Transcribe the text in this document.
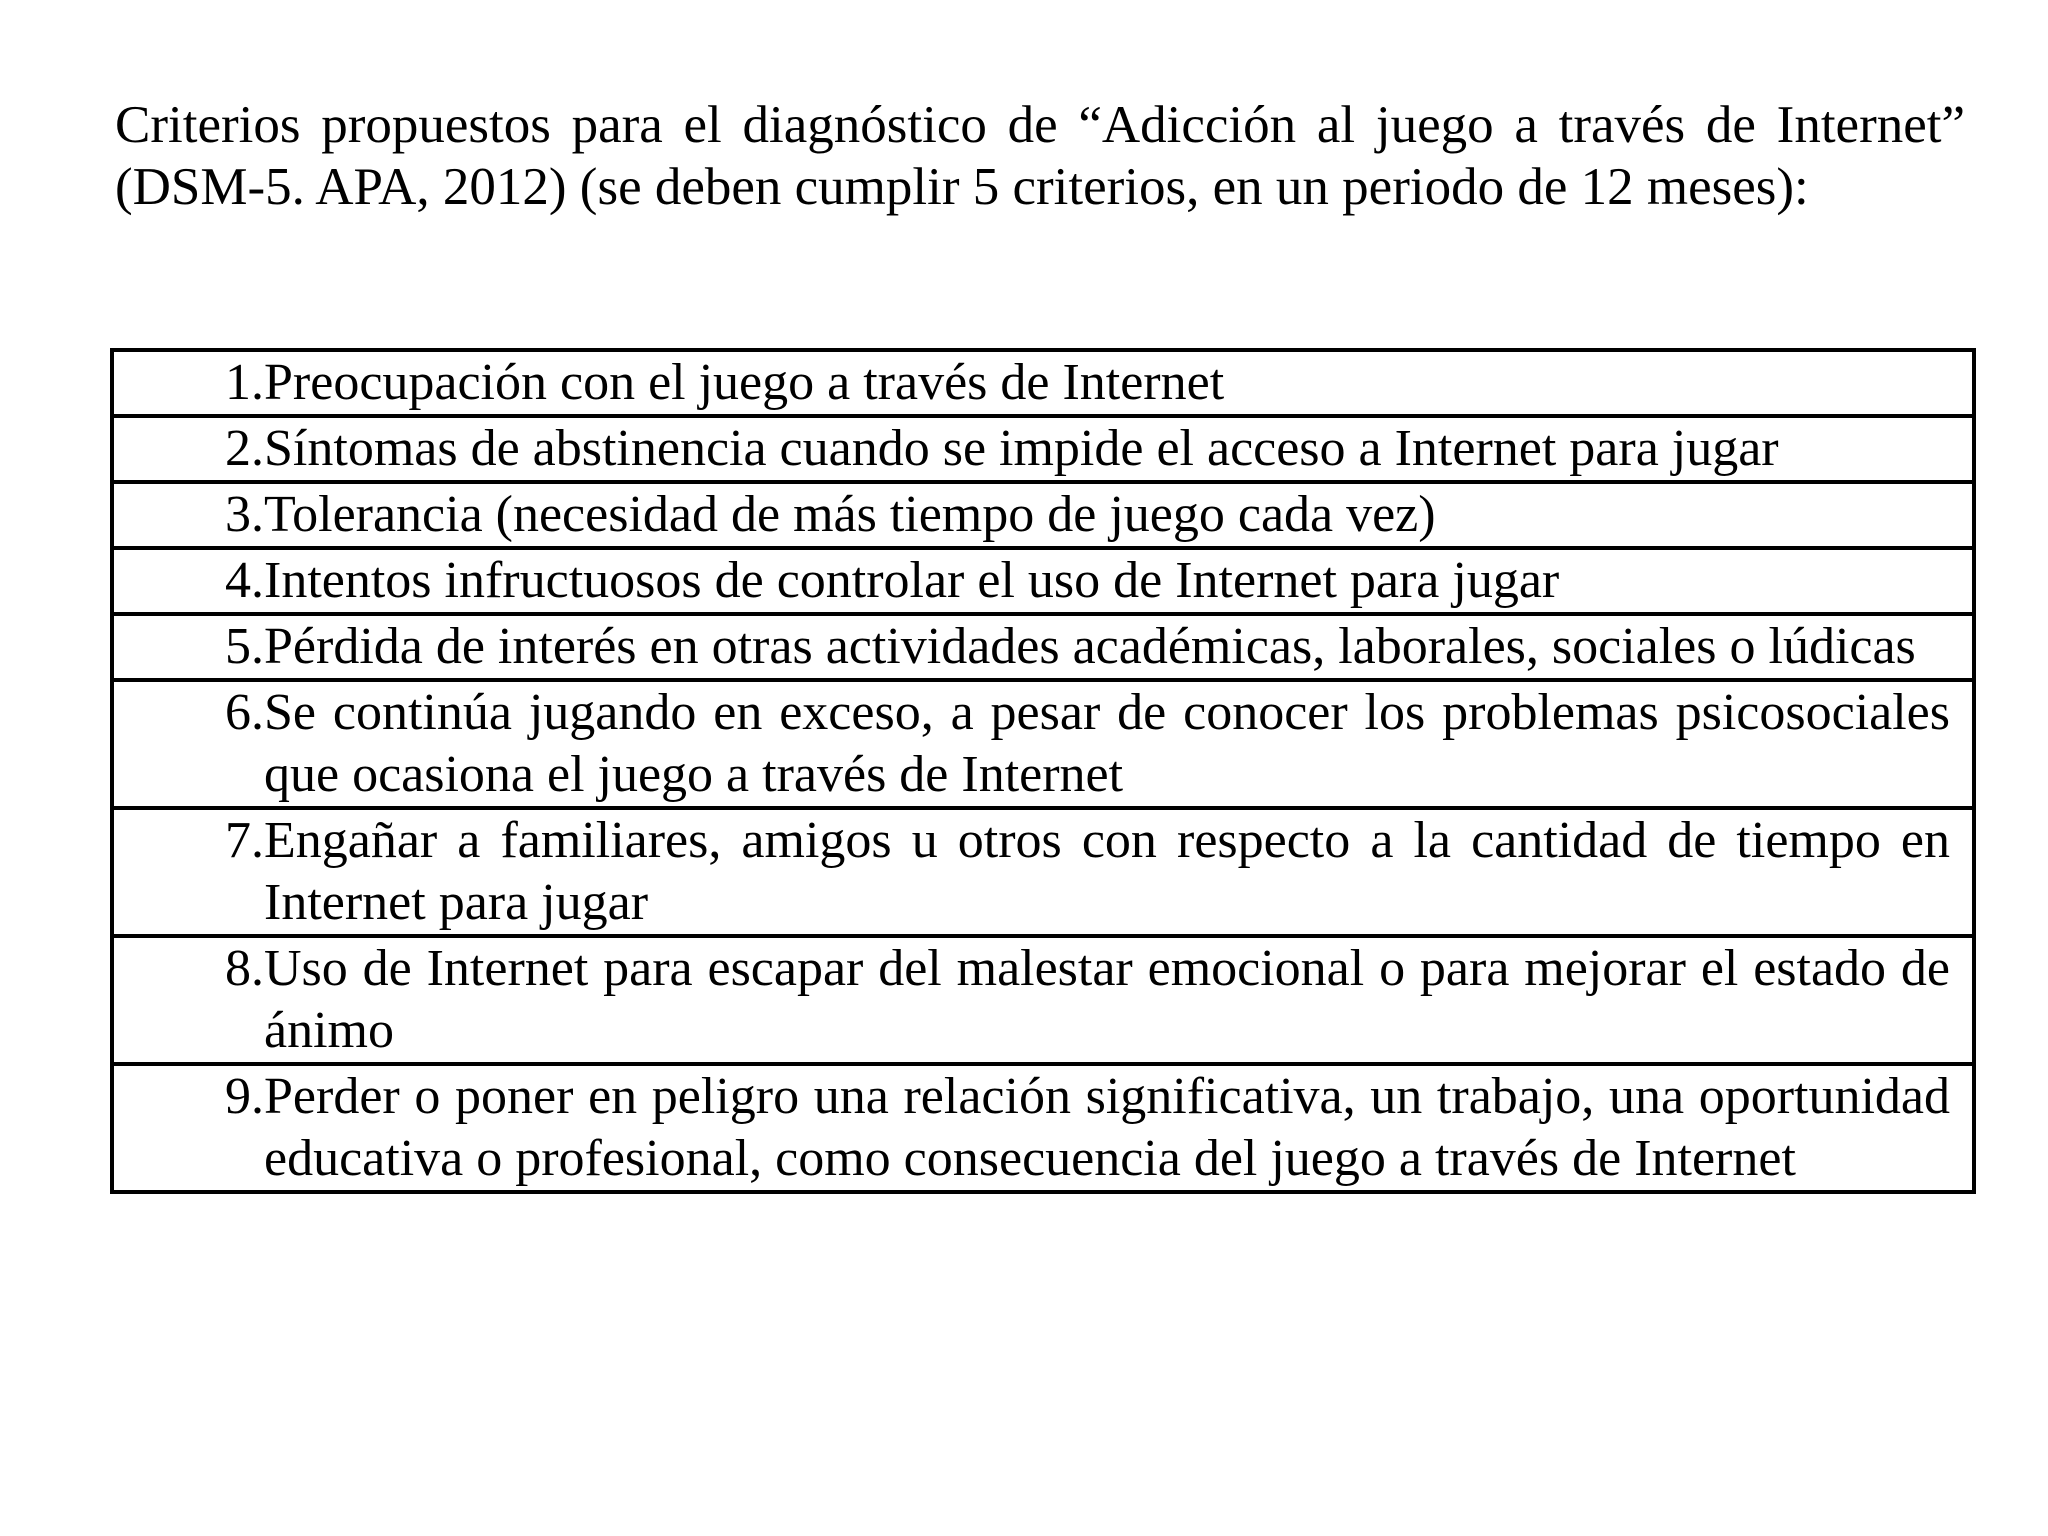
Criterios propuestos para el diagnóstico de “Adicción al juego a través de Internet” (DSM-5. APA, 2012) (se deben cumplir 5 criterios, en un periodo de 12 meses):

1. Preocupación con el juego a través de Internet

2. Síntomas de abstinencia cuando se impide el acceso a Internet para jugar

3. Tolerancia (necesidad de más tiempo de juego cada vez)

4. Intentos infructuosos de controlar el uso de Internet para jugar

5. Pérdida de interés en otras actividades académicas, laborales, sociales o lúdicas

6. Se continúa jugando en exceso, a pesar de conocer los problemas psicosociales que ocasiona el juego a través de Internet

7. Engañar a familiares, amigos u otros con respecto a la cantidad de tiempo en Internet para jugar

8. Uso de Internet para escapar del malestar emocional o para mejorar el estado de ánimo

9. Perder o poner en peligro una relación significativa, un trabajo, una oportunidad educativa o profesional, como consecuencia del juego a través de Internet
